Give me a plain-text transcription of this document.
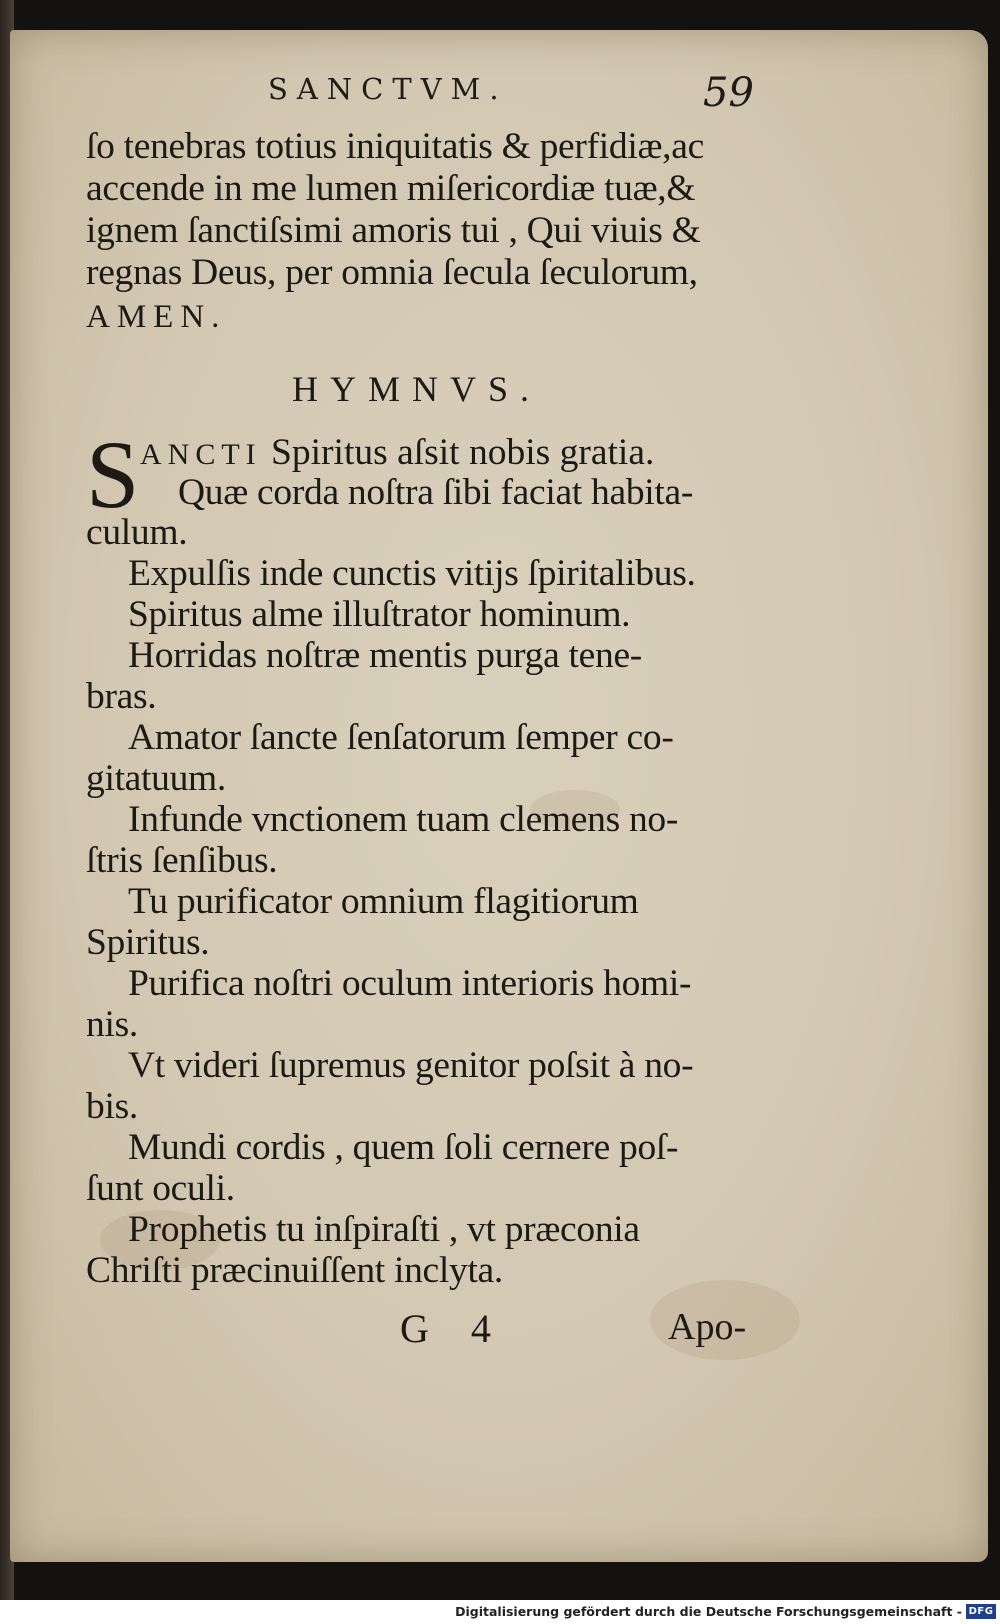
SANCTVM.	59
ſo tenebras totius iniquitatis & perfidiæ,ac
accende in me lumen miſericordiæ tuæ,&
ignem ſanctiſsimi amoris tui , Qui viuis &
regnas Deus, per omnia ſecula ſeculorum,
AMEN.
HYMNVS.
S ANCTI Spiritus aſsit nobis gratia.
Quæ corda noſtra ſibi faciat habita-
culum.
Expulſis inde cunctis vitijs ſpiritalibus.
Spiritus alme illuſtrator hominum.
Horridas noſtræ mentis purga tene-
bras.
Amator ſancte ſenſatorum ſemper co-
gitatuum.
Infunde vnctionem tuam clemens no-
ſtris ſenſibus.
Tu purificator omnium flagitiorum
Spiritus.
Purifica noſtri oculum interioris homi-
nis.
Vt videri ſupremus genitor poſsit à no-
bis.
Mundi cordis , quem ſoli cernere poſ-
ſunt oculi.
Prophetis tu inſpiraſti , vt præconia
Chriſti præcinuiſſent inclyta.
G 4	Apo-
Digitalisierung gefördert durch die Deutsche Forschungsgemeinschaft - DFG
